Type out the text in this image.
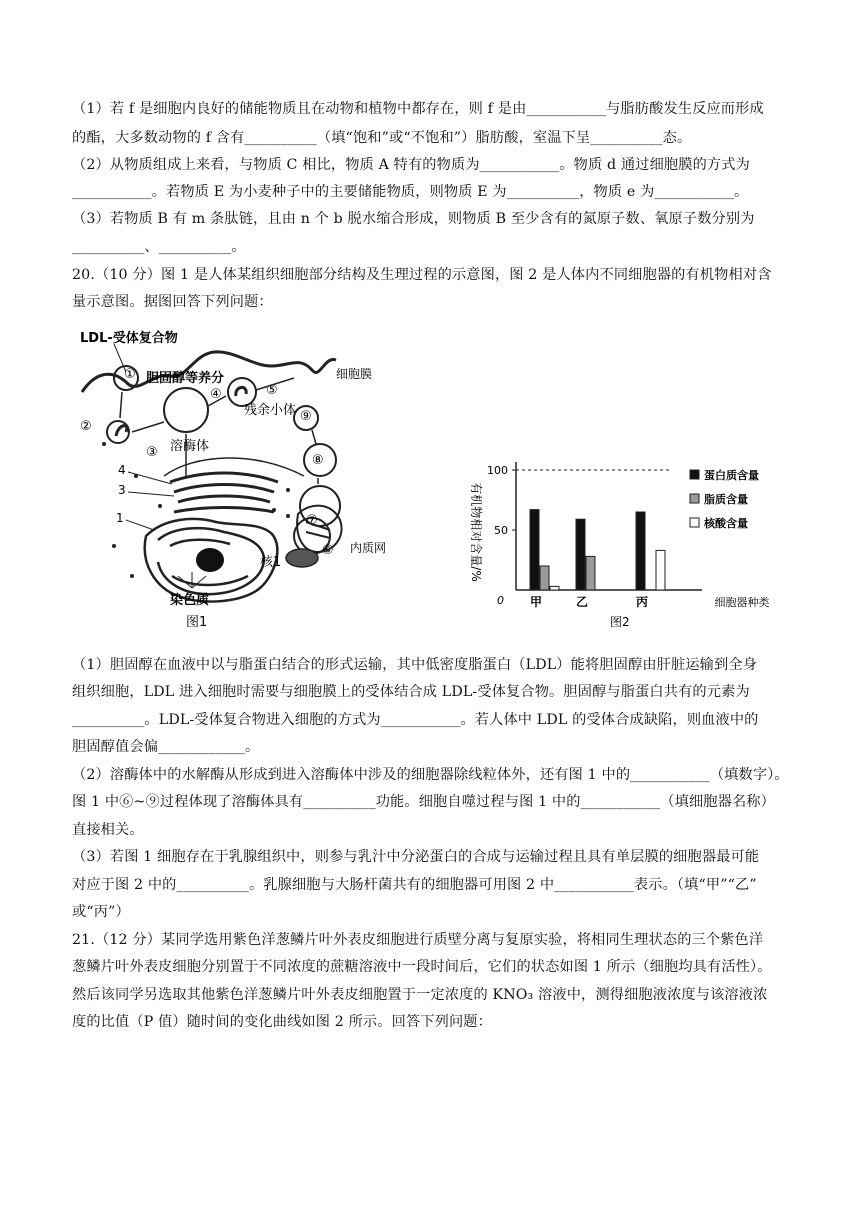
（1）若 f 是细胞内良好的储能物质且在动物和植物中都存在，则 f 是由___________与脂肪酸发生反应而形成
的酯，大多数动物的 f 含有__________（填“饱和”或“不饱和”）脂肪酸，室温下呈__________态。
（2）从物质组成上来看，与物质 C 相比，物质 A 特有的物质为___________。物质 d 通过细胞膜的方式为
___________。若物质 E 为小麦种子中的主要储能物质，则物质 E 为__________，物质 e 为___________。
（3）若物质 B 有 m 条肽链，且由 n 个 b 脱水缩合形成，则物质 B 至少含有的氮原子数、氧原子数分别为
__________、__________。
20.（10 分）图 1 是人体某组织细胞部分结构及生理过程的示意图，图 2 是人体内不同细胞器的有机物相对含
量示意图。据图回答下列问题：
LDL-受体复合物
细胞膜
①
②
③
④	⑤
⑨
⑧
⑥
⑦
胆固醇等养分
残余小体
溶酶体
4
3
1
核1
内质网
染色质
图1
有机物相对含量/%
0
50
100
甲	乙	丙	细胞器种类
蛋白质含量
脂质含量
核酸含量
图2
（1）胆固醇在血液中以与脂蛋白结合的形式运输，其中低密度脂蛋白（LDL）能将胆固醇由肝脏运输到全身
组织细胞，LDL 进入细胞时需要与细胞膜上的受体结合成 LDL-受体复合物。胆固醇与脂蛋白共有的元素为
__________。LDL-受体复合物进入细胞的方式为___________。若人体中 LDL 的受体合成缺陷，则血液中的
胆固醇值会偏____________。
（2）溶酶体中的水解酶从形成到进入溶酶体中涉及的细胞器除线粒体外，还有图 1 中的___________（填数字）。
图 1 中⑥~⑨过程体现了溶酶体具有__________功能。细胞自噬过程与图 1 中的___________（填细胞器名称）
直接相关。
（3）若图 1 细胞存在于乳腺组织中，则参与乳汁中分泌蛋白的合成与运输过程且具有单层膜的细胞器最可能
对应于图 2 中的__________。乳腺细胞与大肠杆菌共有的细胞器可用图 2 中___________表示。（填“甲”“乙”
或“丙”）
21.（12 分）某同学选用紫色洋葱鳞片叶外表皮细胞进行质壁分离与复原实验，将相同生理状态的三个紫色洋
葱鳞片叶外表皮细胞分别置于不同浓度的蔗糖溶液中一段时间后，它们的状态如图 1 所示（细胞均具有活性）。
然后该同学另选取其他紫色洋葱鳞片叶外表皮细胞置于一定浓度的 KNO₃ 溶液中，测得细胞液浓度与该溶液浓
度的比值（P 值）随时间的变化曲线如图 2 所示。回答下列问题：
